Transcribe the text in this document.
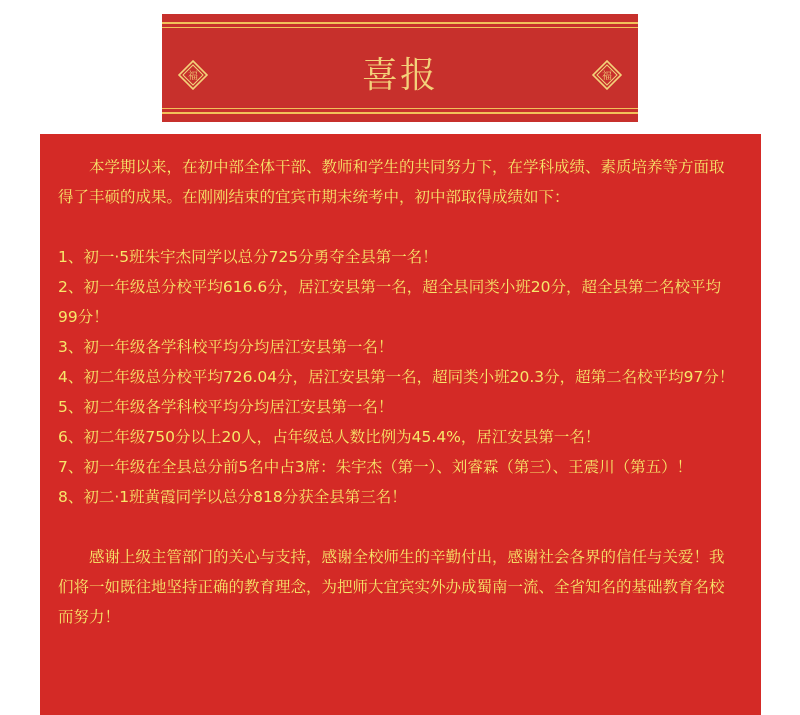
福	喜报	福

本学期以来，在初中部全体干部、教师和学生的共同努力下，在学科成绩、素质培养等方面取得了丰硕的成果。在刚刚结束的宜宾市期末统考中，初中部取得成绩如下：

1、初一·5班朱宇杰同学以总分725分勇夺全县第一名！

2、初一年级总分校平均616.6分，居江安县第一名，超全县同类小班20分，超全县第二名校平均99分！

3、初一年级各学科校平均分均居江安县第一名！

4、初二年级总分校平均726.04分，居江安县第一名，超同类小班20.3分，超第二名校平均97分！

5、初二年级各学科校平均分均居江安县第一名！

6、初二年级750分以上20人，占年级总人数比例为45.4%，居江安县第一名！

7、初一年级在全县总分前5名中占3席：朱宇杰（第一）、刘睿霖（第三）、王震川（第五）！

8、初二·1班黄霞同学以总分818分获全县第三名！

感谢上级主管部门的关心与支持，感谢全校师生的辛勤付出，感谢社会各界的信任与关爱！我们将一如既往地坚持正确的教育理念，为把师大宜宾实外办成蜀南一流、全省知名的基础教育名校而努力！
